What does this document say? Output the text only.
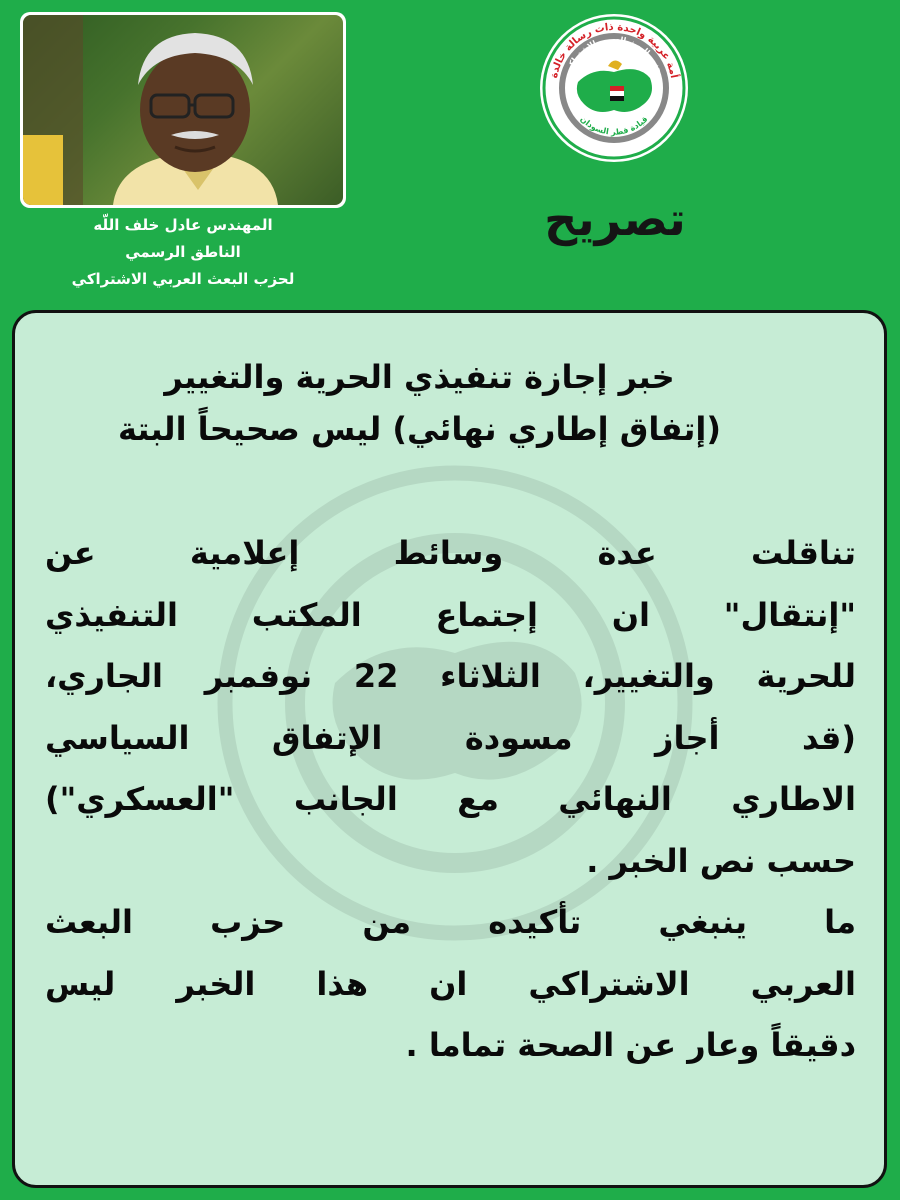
المهندس عادل خلف اللّه
الناطق الرسمي
لحزب البعث العربي الاشتراكي
أمة عربية واحدة ذات رسالة خالدة
حزب البعث العربي الاشتراكي
قيادة قطر السودان
تصريح
خبر إجازة تنفيذي الحرية والتغيير
(إتفاق إطاري نهائي) ليس صحيحاً البتة
تناقلت عدة وسائط إعلامية عن
"إنتقال" ان إجتماع المكتب التنفيذي
للحرية والتغيير، الثلاثاء 22 نوفمبر الجاري،
(قد أجاز مسودة الإتفاق السياسي
الاطاري النهائي مع الجانب "العسكري")
حسب نص الخبر .
ما ينبغي تأكيده من حزب البعث
العربي الاشتراكي ان هذا الخبر ليس
دقيقاً وعار عن الصحة تماما .
